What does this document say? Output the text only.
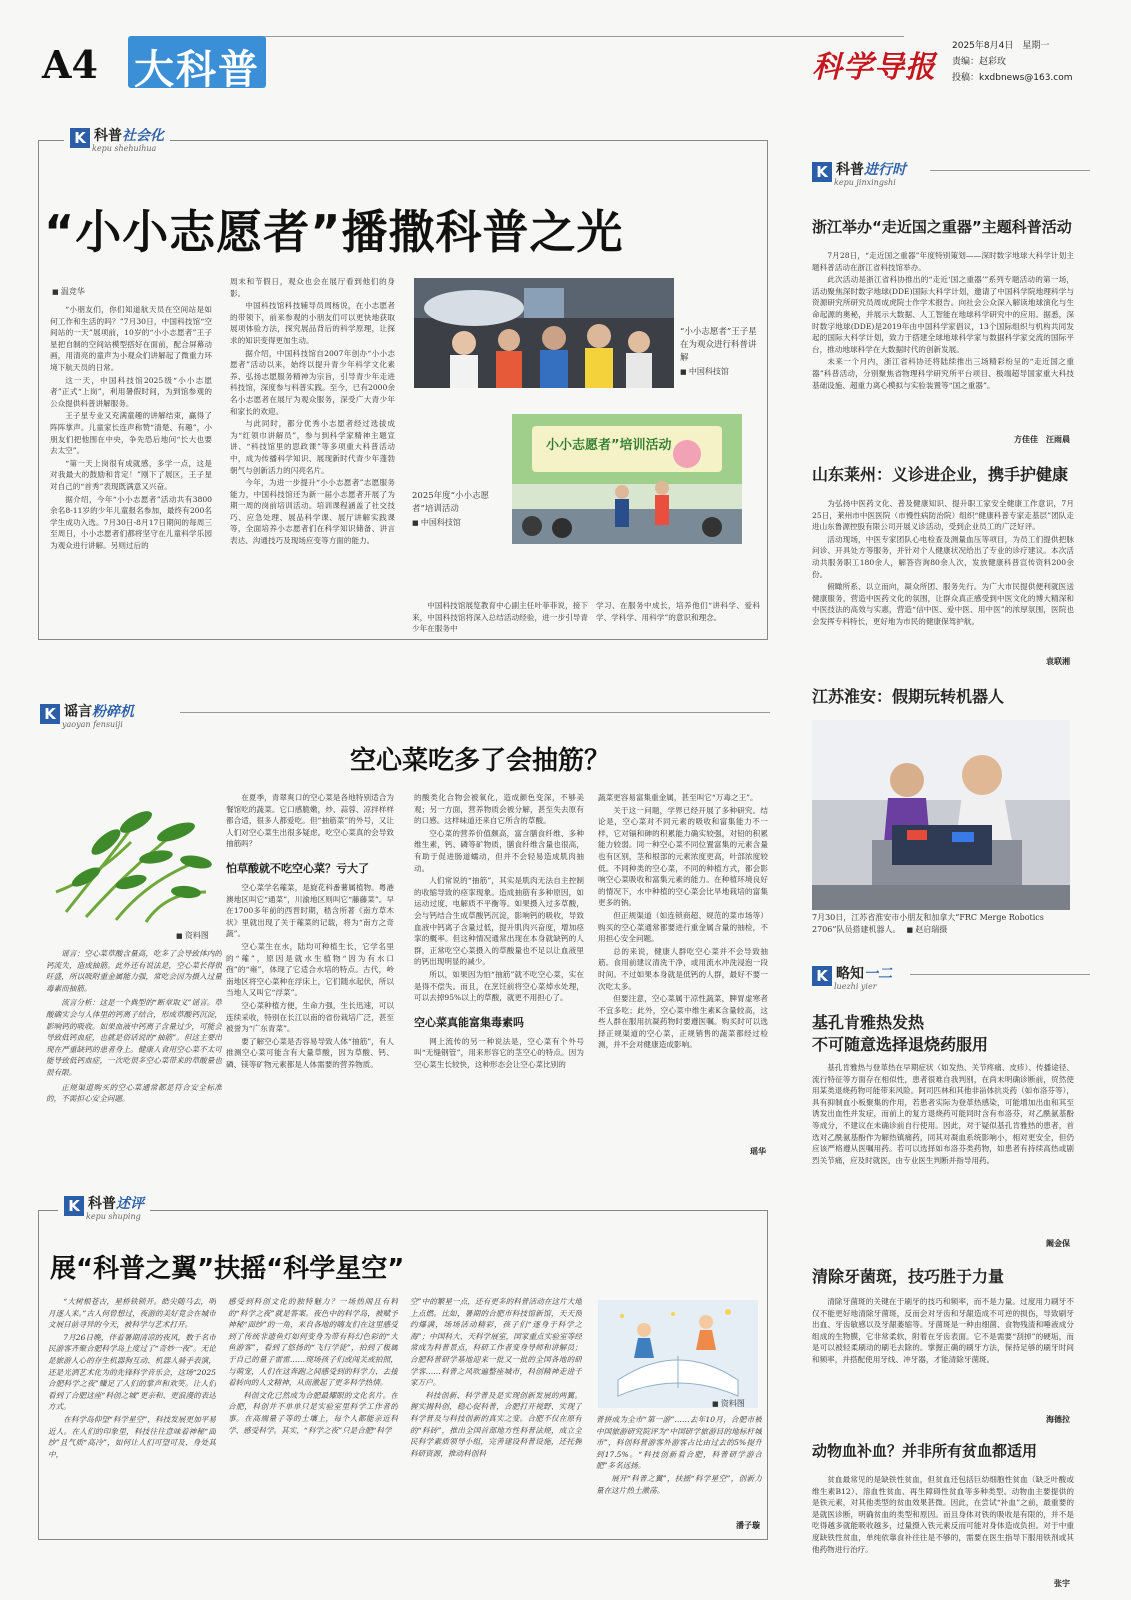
A4 大科普	科学导报
2025年8月4日　星期一
责编：赵彩玫
投稿：kxdbnews@163.com
K 科普社会化
kepu shehuihua
“小小志愿者”播撒科普之光
■ 温竞华

“小朋友们，你们知道航天员在空间站是如何工作和生活的吗？”7月30日，中国科技馆“空间站的一天”展项前，10岁的“小小志愿者”王子星把自制的空间站模型搭好在面前，配合屏幕动画，用清亮的童声为小观众们讲解起了微重力环境下航天员的日常。

这一天，中国科技馆2025级“小小志愿者”正式“上岗”，利用暑假时间，为到馆参观的公众提供科普讲解服务。

王子星专业又充满童趣的讲解结束，赢得了阵阵掌声。儿童家长连声称赞“清楚、有趣”，小朋友们把他围在中央，争先恐后地问“长大也要去太空”。

“第一天上岗很有成就感，多学一点，这是对我最大的鼓励和肯定！”刚下了展区，王子星对自己的“首秀”表现既满意又兴奋。

据介绍，今年“小小志愿者”活动共有3800余名8-11岁的少年儿童报名参加，最终有200名学生成功入选。7月30日-8月17日期间的每周三至周日，小小志愿者们都将坚守在儿童科学乐园为观众进行讲解。另则过后的

周末和节假日，观众也会在展厅看到他们的身影。

中国科技馆科技辅导员周杨说，在小志愿者的带领下，前来参观的小朋友们可以更快地获取展项体验方法，探究展品背后的科学原理，让探求的知识变得更加生动。

据介绍，中国科技馆自2007年创办“小小志愿者”活动以来，始终以提升青少年科学文化素养、弘扬志愿服务精神为宗旨，引导青少年走进科技馆，深度参与科普实践。至今，已有2000余名小志愿者在展厅为观众服务，深受广大青少年和家长的欢迎。

与此同时，都分优秀小志愿者经过选拔成为“红领巾讲解员”，参与到科学家精神主题宣讲、“科技馆里的思政课”等多项重大科普活动中，成为传播科学知识、展现新时代青少年蓬勃朝气与创新活力的闪亮名片。

今年，为进一步提升“小小志愿者”志愿服务能力，中国科技馆还为新一届小志愿者开展了为期一周的岗前培训活动。培训课程涵盖了社交技巧、应急处理、展品科学课、展厅讲解实践课等，全面培养小志愿者们在科学知识储备、讲言表达、沟通技巧及现场应变等方面的能力。

“小小志愿者”王子星在为观众进行科普讲解
■ 中国科技馆
小小志愿者”培训活动
2025年度“小小志愿者”培训活动
■ 中国科技馆

中国科技馆展览教育中心副主任叶菲菲说，接下来，中国科技馆将深入总结活动经验，进一步引导青少年在服务中

学习、在服务中成长，培养他们“讲科学、爱科学、学科学、用科学”的意识和理念。

K 谣言粉碎机
yaoyan fensuiji
空心菜吃多了会抽筋？
■ 资料图

谣言：空心菜草酸含量高，吃多了会导致体内的钙流失，造成抽筋。此外还有说法是，空心菜长得很旺盛，所以吸附重金属能力强，常吃会因为摄入过量毒素而抽筋。

流言分析：这是一个典型的“断章取义”谣言。草酸确实会与人体里的钙离子结合，形成草酸钙沉淀，影响钙的吸收。如果血液中钙离子含量过少，可能会导致低钙血症，也就是俗话说的“抽筋”。但这主要出现在严重缺钙的患者身上。健康人食用空心菜不太可能导致低钙血症，一次吃很多空心菜带来的草酸量也很有限。

正规渠道购买的空心菜通常都是符合安全标准的，不需担心安全问题。

在夏季，青翠爽口的空心菜是各地特别适合为餐馆吃的蔬菜。它口感脆嫩，炒、蒜蓉、凉拌样样都合适，很多人都爱吃。但“抽筋菜”的外号，又让人们对空心菜生出很多疑虑。吃空心菜真的会导致抽筋吗？

怕草酸就不吃空心菜？亏大了

空心菜学名蕹菜，是旋花科番薯属植物。粤港澳地区叫它“通菜”，川渝地区则叫它“藤藤菜”。早在1700多年前的西晋时期，嵇含所著《南方草木状》里就出现了关于蕹菜的记载，将为“南方之奇蔬”。

空心菜生在水，陆均可种植生长，它学名里的“蕹”，原因是就水生植物“因为有水口孢”的“雍”，体现了它适合水培的特点。古代，岭南地区将空心菜种在浮床上，它们随水起伏，所以当地人又叫它“浮菜”。

空心菜种植方便，生命力强，生长迅速，可以连续采收，特别在长江以南的省份栽培广泛，甚至被誉为“广东青菜”。

要了解空心菜是否容易导致人体“抽筋”，有人推测空心菜可能含有大量草酸，因为草酸、钙、磷、镁等矿物元素都是人体需要的营养物质。

的酸类化合物会被氧化，造成颜色变深，不够美观；另一方面，营养物质会被分解，甚至失去原有的口感。这样味道还来自它所含的草酸。

空心菜的营养价值颇高，富含膳食纤维、多种维生素，钙、磷等矿物质，膳食纤维含量也很高，有助于促进肠道蠕动，但并不会轻易造成肌肉抽动。

人们常说的“抽筋”，其实是肌肉无法自主控制的收缩导致的痉挛现象。造成抽筋有多种原因，如运动过度、电解质不平衡等。如果摄入过多草酸，会与钙结合生成草酸钙沉淀，影响钙的吸收，导致血液中钙离子含量过低，提升肌肉兴奋度，增加痉挛的概率。但这种情况通常出现在本身就缺钙的人群，正常吃空心菜摄入的草酸量也不足以让血液里的钙出现明显的减少。

所以，如果因为怕“抽筋”就不吃空心菜，实在是得不偿失。而且，在烹饪前将空心菜焯水处理，可以去掉95%以上的草酸，就更不用担心了。

空心菜真能富集毒素吗

网上流传的另一种说法是，空心菜有个外号叫“无缝钢管”，用来形容它的茎空心的特点。因为空心菜生长较快，这种形态会让空心菜比别的

蔬菜更容易富集重金属，甚至叫它“万毒之王”。

关于这一问题，学界已经开展了多种研究。结论是，空心菜对不同元素的吸收和富集能力不一样，它对镉和砷的积累能力确实较强，对铅的积累能力较弱。同一种空心菜不同位置富集的元素含量也有区别，茎和根部的元素浓度更高，叶部浓度较低。不同种类的空心菜，不同的种植方式，都会影响空心菜吸收和富集元素的能力。在种植环境良好的情况下，水中种植的空心菜会比旱地栽培的富集更多的钠。

但正规渠道（如连锁商超、规范的菜市场等）购买的空心菜通常都要进行重金属含量的抽检，不用担心安全问题。

总的来说，健康人群吃空心菜并不会导致抽筋。食用前建议清洗干净，或用流水冲洗浸泡一段时间。不过如果本身就是低钙的人群，最好不要一次吃太多。

但要注意，空心菜属于凉性蔬菜，脾胃虚寒者不宜多吃；此外，空心菜中维生素K含量较高，这些人群在服用抗凝药物时要遵医嘱。购买时可以选择正规渠道的空心菜，正规销售的蔬菜都经过检测，并不会对健康造成影响。

瑶华
K 科普述评
kepu shuping
展“科普之翼”扶摇“科学星空”

“大树根苍古，星桥铁锁开。皓尖随马去，明月逐人来。”古人何曾想过，夜游的美好竟会在城市文展日前寻异的今天，被科学与艺术打开。

7月26日晚，伴着暑期清凉的夜风，数千名市民游客齐聚合肥科学岛上度过了“奇妙一夜”。无论是旅游人心的存生机器狗互动、机器人骑手表演，还是光洒艺术化为的先锋科学音乐会，这场“2025合肥科学之夜”赚足了人们的掌声和欢笑。让人们看到了合肥这座“科创之城”更亲和、更浪漫的表达方式。

在科学岛仰望“科学星空”，科技发展更加平易近人。在人们的印象里，科技往往意味着神秘“面纱”且气质“高冷”，如何让人们可望可及、身处其中，

感受到科创文化的独特魅力？一场热闹且有料的“科学之夜”就是答案。夜色中的科学岛，被赋予神秘“面纱”的一角，来自各地的嗨友们在这里感受到了传统非遗鱼灯如何变身为带有科幻色彩的“大鱼游客”，看到了悠扬的“飞行学徒”，拍到了极属于自己的量子雷雷……现场孩子们或闯关或拍照，与萌宠，人们在这奔跑之间感受到的科学力、去接着转向的人文精神，从而激起了更多科学热情。

科创文化已然成为合肥最耀眼的文化名片。在合肥，科创并不单单只是实验室里科学工作者的事。在高端量子等的土壤上，每个人都能亲近科学、感受科学。其实，“科学之夜”只是合肥“科学

空”中的繁星一点，还有更多的科普活动在这片大地上点燃。比如，暑期的合肥市科技馆新馆，天天预约爆满，场场活动精彩，孩子们“逐身于科学之海”；中国科大、天科学展室，国家重点实验室等经常成为科普景点，科研工作者变身导师和讲解员；合肥科普研学基地迎来一批又一批的全国各地的研学客……科普之风吹遍整座城市，科创精神走进千家万户。

科技创新、科学普及是实现创新发展的两翼。握实揭科创，稳心促科普，合肥打开视野、实现了科学普及与科技创新的真实之变。合肥不仅在原有的“科砖”，推出全国首部地方性科普法规，成立全民科学素质领导小组，完善建设科普设施，还托握科研资源，推动科创科

■ 资料图

普拼成为全市“第一游”……去年10月，合肥市被中国旅游研究院评为“中国研学旅游目的地标杆城市”，科创科普游客外游客占比由过去的5%提升到17.5%。“科技创新看合肥，科普研学游合肥”多名远扬。

展开“科普之翼”，扶摇“科学星空”，创新力量在这片热土激荡。

潘子璇
K 科普进行时
kepu jinxingshi
浙江举办“走近国之重器”主题科普活动

7月28日，“走近国之重器”年度特别策划——深时数字地球大科学计划主题科普活动在浙江省科技馆举办。

此次活动是浙江省科协推出的“走近‘国之重器’”系列专题活动的第一场，活动聚焦深时数字地球(DDE)国际大科学计划，邀请了中国科学院地理科学与资源研究所研究员周成虎院士作学术报告。向社会公众深入解读地球演化与生命起源的奥秘，并展示大数据、人工智能在地球科学研究中的应用。据悉，深时数字地球(DDE)是2019年由中国科学家倡议，13个国际组织与机构共同发起的国际大科学计划，致力于搭建全球地球科学家与数据科学家交流的国际平台，推动地球科学在大数据时代的创新发展。

未来一个月内，浙江省科协还将陆续推出三场精彩纷呈的“走近国之重器”科普活动，分别聚焦省物理科学研究所平台项目、极端超导国家重大科技基础设施、超重力离心模拟与实验装置等“国之重器”。

方佳佳　汪雨晨
山东莱州：义诊进企业，携手护健康

为弘扬中医药文化、普及健康知识、提升职工家安全健康工作意识，7月25日，莱州市中医医院（市慢性病防治院）组织“健康科普专家走基层”团队走进山东鲁源控股有限公司开展义诊活动，受到企业员工的广泛好评。

活动现场，中医专家团队心电检查及测量血压等项目，为员工们提供把脉问诊、开具处方等服务，并针对个人健康状况给出了专业的诊疗建议。本次活动共服务职工180余人，解答咨询80余人次，发放健康科普宣传资料200余份。

俯瞰所系、以立而向，凝众所团、服务先行。为广大市民提供便利就医送健康服务，营造中医药文化的氛围，让群众真正感受到中医文化的博大精深和中医技法的高效与实惠，营造“信中医、爱中医、用中医”的浓厚氛围，医院也会发挥专科特长，更好地为市民的健康保驾护航。

袁联湘
江苏淮安：假期玩转机器人
7月30日，江苏省淮安市小朋友和加拿大“FRC Merge Robotics 2706”队员搭建机器人。■ 赵启瑞摄
K 略知一二
luezhi yier
基孔肯雅热发热
不可随意选择退烧药服用

基孔肯雅热与登革热在早期症状（如发热、关节疼痛、皮疹）、传播途径、流行特征等方面存在相似性，患者很难自我判别，在尚未明确诊断前，贸然使用某类退烧药物可能带来风险。阿司匹林和其他非甾体抗炎药（如布洛芬等），具有抑制血小板聚集的作用，若患者实际为登革热感染，可能增加出血和其至诱发出血性并发症，而前上的复方退烧药可能同时含有布洛芬，对乙酰氨基酚等成分，不建议在未确诊前自行使用。因此，对于疑似基孔肯雅热的患者，首选对乙酰氨基酚作为解热镇痛药，同其对凝血系统影响小，相对更安全，但仍应该严格遵从医嘱用药。若可以选择如布洛芬类药物，如患者有持续高热或剧烈关节痛，应及时就医，由专业医生判断并指导用药。

阚金保
清除牙菌斑，技巧胜于力量

清除牙菌斑的关键在于刷牙的技巧和频率，而不是力量。过度用力刷牙不仅不能更好地清除牙菌斑，反而会对牙齿和牙龈造成不可逆的损伤，导致刷牙出血、牙齿敏感以及牙龈萎缩等。牙菌斑是一种由细菌、食物残渣和唾液成分组成的生物膜，它非常柔软，附着在牙齿表面。它不是需要“刮掉”的硬垢，而是可以被轻柔刷动的刷毛去除的。掌握正确的刷牙方法，保持足够的刷牙时间和频率，并搭配使用牙线、冲牙器，才能清除牙菌斑。

海德拉
动物血补血？并非所有贫血都适用

贫血最常见的是缺铁性贫血，但贫血还包括巨幼细胞性贫血（缺乏叶酸或维生素B12）、溶血性贫血、再生障碍性贫血等多种类型。动物血主要提供的是铁元素，对其他类型的贫血效果甚微。因此，在尝试“补血”之前，最重要的是就医诊断，明确贫血的类型和原因。而且身体对铁的吸收是有限的，并不是吃得越多就能吸收越多，过量摄入铁元素反而可能对身体造成负担。对于中重度缺铁性贫血，单纯依靠食补往往是不够的，需要在医生指导下服用铁剂或其他药物进行治疗。

张宇
